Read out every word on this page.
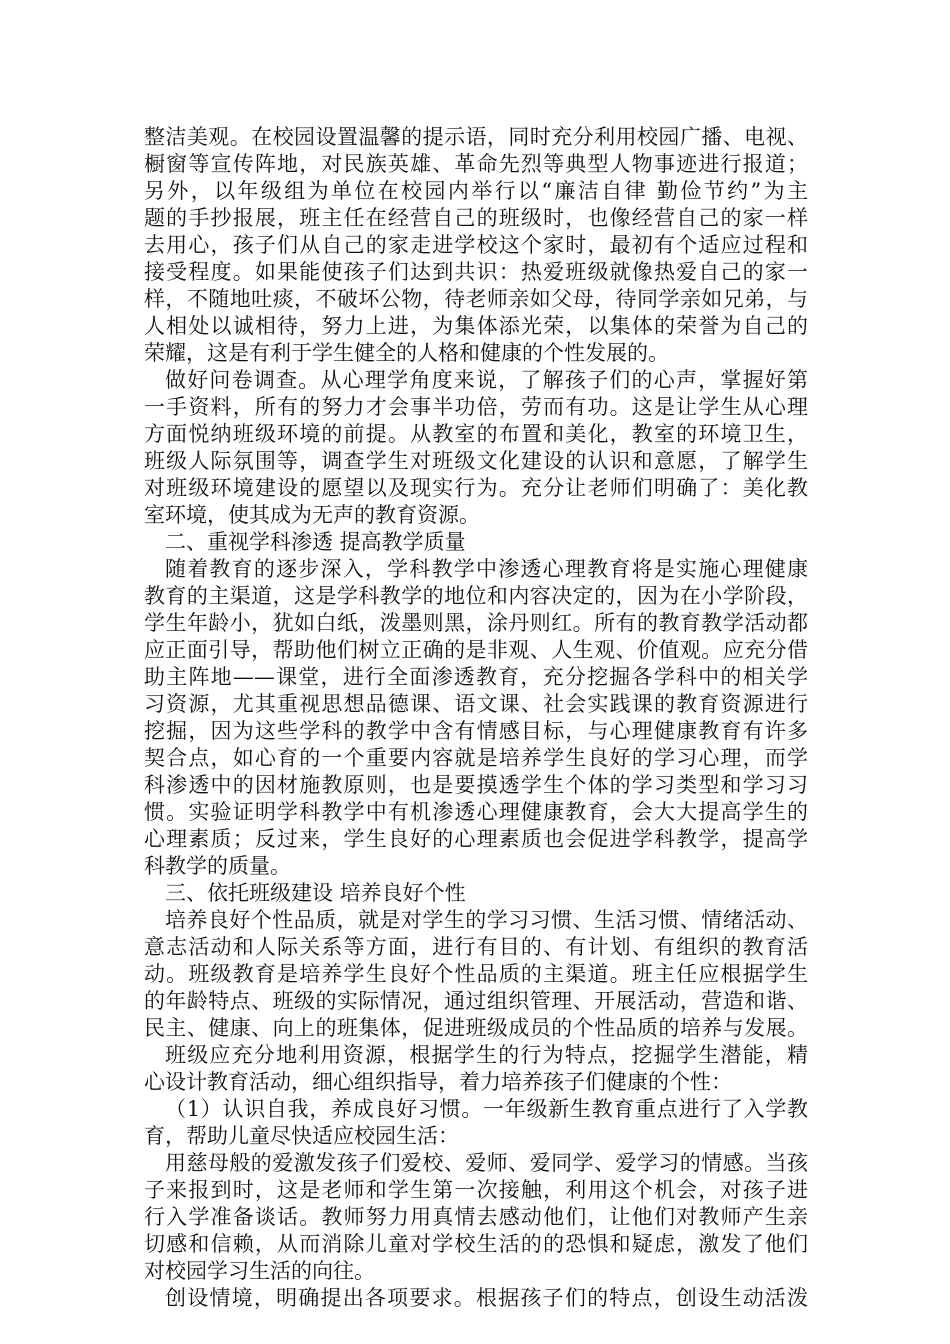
整洁美观。在校园设置温馨的提示语，同时充分利用校园广播、电视、
橱窗等宣传阵地，对民族英雄、革命先烈等典型人物事迹进行报道；
另外，以年级组为单位在校园内举行以“廉洁自律 勤俭节约”为主
题的手抄报展，班主任在经营自己的班级时，也像经营自己的家一样
去用心，孩子们从自己的家走进学校这个家时，最初有个适应过程和
接受程度。如果能使孩子们达到共识：热爱班级就像热爱自己的家一
样，不随地吐痰，不破坏公物，待老师亲如父母，待同学亲如兄弟，与
人相处以诚相待，努力上进，为集体添光荣，以集体的荣誉为自己的
荣耀，这是有利于学生健全的人格和健康的个性发展的。
做好问卷调查。从心理学角度来说，了解孩子们的心声，掌握好第
一手资料，所有的努力才会事半功倍，劳而有功。这是让学生从心理
方面悦纳班级环境的前提。从教室的布置和美化，教室的环境卫生，
班级人际氛围等，调查学生对班级文化建设的认识和意愿，了解学生
对班级环境建设的愿望以及现实行为。充分让老师们明确了：美化教
室环境，使其成为无声的教育资源。
二、重视学科渗透 提高教学质量
随着教育的逐步深入，学科教学中渗透心理教育将是实施心理健康
教育的主渠道，这是学科教学的地位和内容决定的，因为在小学阶段，
学生年龄小，犹如白纸，泼墨则黑，涂丹则红。所有的教育教学活动都
应正面引导，帮助他们树立正确的是非观、人生观、价值观。应充分借
助主阵地——课堂，进行全面渗透教育，充分挖掘各学科中的相关学
习资源，尤其重视思想品德课、语文课、社会实践课的教育资源进行
挖掘，因为这些学科的教学中含有情感目标，与心理健康教育有许多
契合点，如心育的一个重要内容就是培养学生良好的学习心理，而学
科渗透中的因材施教原则，也是要摸透学生个体的学习类型和学习习
惯。实验证明学科教学中有机渗透心理健康教育，会大大提高学生的
心理素质；反过来，学生良好的心理素质也会促进学科教学，提高学
科教学的质量。
三、依托班级建设 培养良好个性
培养良好个性品质，就是对学生的学习习惯、生活习惯、情绪活动、
意志活动和人际关系等方面，进行有目的、有计划、有组织的教育活
动。班级教育是培养学生良好个性品质的主渠道。班主任应根据学生
的年龄特点、班级的实际情况，通过组织管理、开展活动，营造和谐、
民主、健康、向上的班集体，促进班级成员的个性品质的培养与发展。
班级应充分地利用资源，根据学生的行为特点，挖掘学生潜能，精
心设计教育活动，细心组织指导，着力培养孩子们健康的个性：
（1）认识自我，养成良好习惯。一年级新生教育重点进行了入学教
育，帮助儿童尽快适应校园生活：
用慈母般的爱激发孩子们爱校、爱师、爱同学、爱学习的情感。当孩
子来报到时，这是老师和学生第一次接触，利用这个机会，对孩子进
行入学准备谈话。教师努力用真情去感动他们，让他们对教师产生亲
切感和信赖，从而消除儿童对学校生活的的恐惧和疑虑，激发了他们
对校园学习生活的向往。
创设情境，明确提出各项要求。根据孩子们的特点，创设生动活泼
